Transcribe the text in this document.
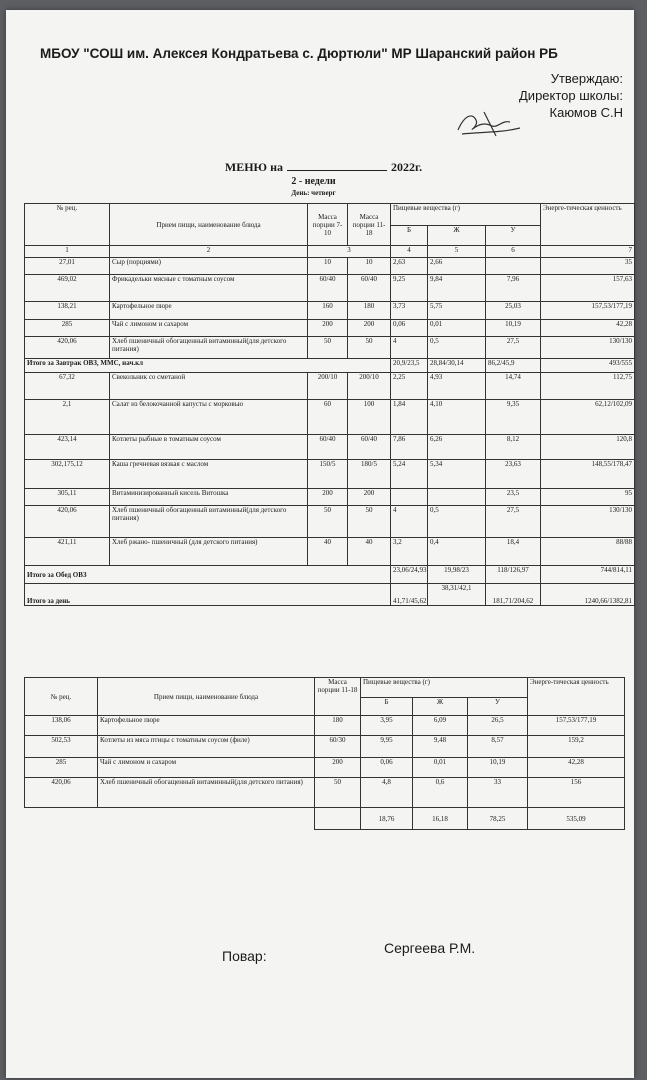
МБОУ "СОШ им. Алексея Кондратьева с. Дюртюли" МР Шаранский район РБ
Утверждаю:
Директор школы:
Каюмов С.Н
МЕНЮ на	2022г.
2 - недели
День: четверг
№ рец.	Прием пищи, наименование блюда	Масса порции 7-10	Масса порции 11-18	Пищевые вещества (г)			Энерге-тическая ценность
				Б	Ж	У	
1	2	3		4	5	6	7
27,01	Сыр (порциями)	10	10	2,63	2,66		35
469,02	Фрикадельки мясные с томатным соусом	60/40	60/40	9,25	9,84	7,96	157,63
138,21	Картофельное пюре	160	180	3,73	5,75	25,03	157,53/177,19
285	Чай с лимоном и сахаром	200	200	0,06	0,01	10,19	42,28
420,06	Хлеб пшеничный обогащенный витаминный(для детского питания)	50	50	4	0,5	27,5	130/130
Итого за Завтрак ОВЗ, ММС, нач.кл				20,9/23,5	28,84/30,14	86,2/45,9	493/555
67,32	Свекольник со сметаной	200/10	200/10	2,25	4,93	14,74	112,75
2,1	Салат из белокочанной капусты с морковью	60	100	1,84	4,10	9,35	62,12/102,09
423,14	Котлеты рыбные в томатным соусом	60/40	60/40	7,86	6,26	8,12	120,8
302,175,12	Каша гречневая вязкая с маслом	150/5	180/5	5,24	5,34	23,63	148,55/178,47
305,11	Витаминизированный кисель Витошка	200	200			23,5	95
420,06	Хлеб пшеничный обогащенный витаминный(для детского питания)	50	50	4	0,5	27,5	130/130
421,11	Хлеб ржано- пшеничный (для детского питания)	40	40	3,2	0,4	18,4	88/88
Итого за Обед ОВЗ				23,06/24,93	19,98/23	118/126,97	744/814,11
Итого за день				41,71/45,62	38,31/42,1	181,71/204,62	1240,66/1382,81
№ рец.	Прием пищи, наименование блюда	Масса порции 11-18	Пищевые вещества (г)			Энерге-тическая ценность
			Б	Ж	У	
138,06	Картофельное пюре	180	3,95	6,09	26,5	157,53/177,19
502,53	Котлеты из мяса птицы с томатным соусом (филе)	60/30	9,95	9,48	8,57	159,2
285	Чай с лимоном и сахаром	200	0,06	0,01	10,19	42,28
420,06	Хлеб пшеничный обогащенный витаминный(для детского питания)	50	4,8	0,6	33	156
			18,76	16,18	78,25	535,09
Повар:	Сергеева Р.М.
